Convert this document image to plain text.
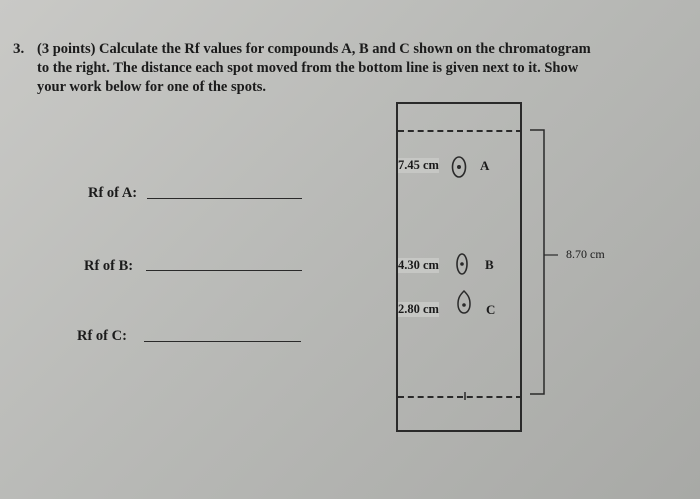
3. (3 points) Calculate the Rf values for compounds A, B and C shown on the chromatogram
to the right. The distance each spot moved from the bottom line is given next to it. Show
your work below for one of the spots.
Rf of A:
Rf of B:
Rf of C:
7.45 cm	A
4.30 cm	B
2.80 cm	C
8.70 cm
